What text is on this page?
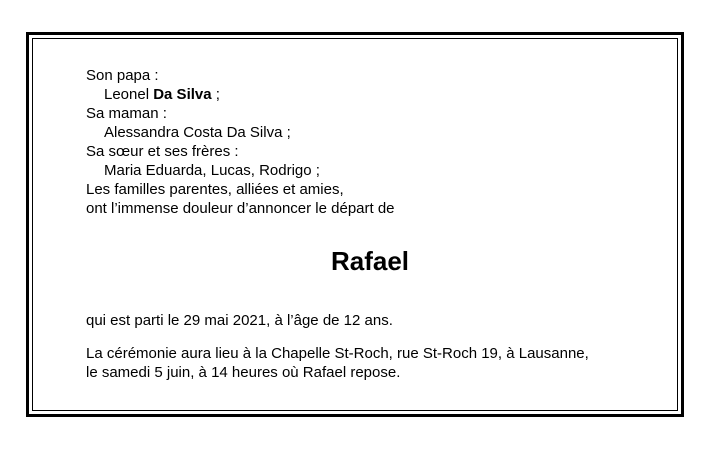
Son papa :
Leonel Da Silva ;
Sa maman :
Alessandra Costa Da Silva ;
Sa sœur et ses frères :
Maria Eduarda, Lucas, Rodrigo ;
Les familles parentes, alliées et amies,
ont l’immense douleur d’annoncer le départ de
Rafael
qui est parti le 29 mai 2021, à l’âge de 12 ans.
La cérémonie aura lieu à la Chapelle St-Roch, rue St-Roch 19, à Lausanne,
le samedi 5 juin, à 14 heures où Rafael repose.
